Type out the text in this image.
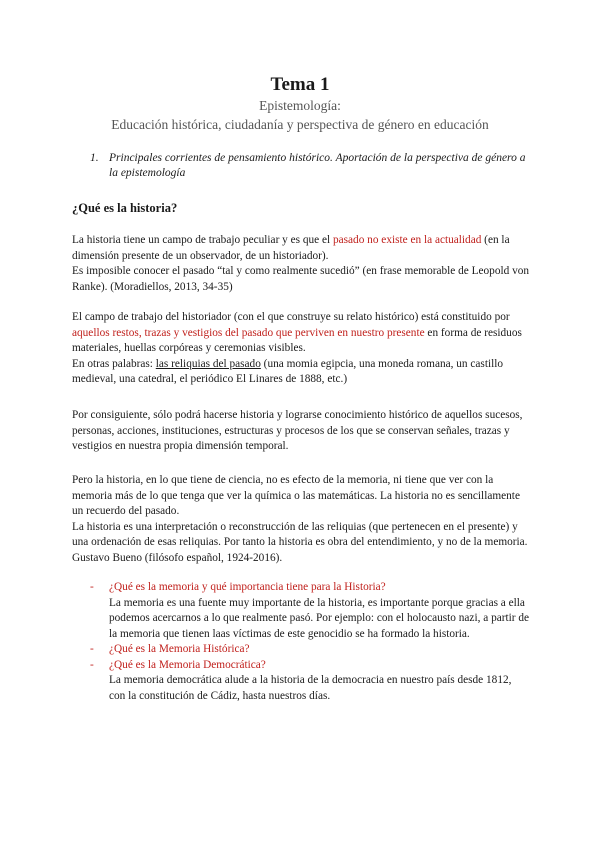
Tema 1
Epistemología:
Educación histórica, ciudadanía y perspectiva de género en educación
1. Principales corrientes de pensamiento histórico. Aportación de la perspectiva de género a la epistemología
¿Qué es la historia?
La historia tiene un campo de trabajo peculiar y es que el pasado no existe en la actualidad (en la dimensión presente de un observador, de un historiador).
Es imposible conocer el pasado “tal y como realmente sucedió” (en frase memorable de Leopold von Ranke). (Moradiellos, 2013, 34-35)
El campo de trabajo del historiador (con el que construye su relato histórico) está constituido por aquellos restos, trazas y vestigios del pasado que perviven en nuestro presente en forma de residuos materiales, huellas corpóreas y ceremonias visibles.
En otras palabras: las reliquias del pasado (una momia egipcia, una moneda romana, un castillo medieval, una catedral, el periódico El Linares de 1888, etc.)
Por consiguiente, sólo podrá hacerse historia y lograrse conocimiento histórico de aquellos sucesos, personas, acciones, instituciones, estructuras y procesos de los que se conservan señales, trazas y vestigios en nuestra propia dimensión temporal.
Pero la historia, en lo que tiene de ciencia, no es efecto de la memoria, ni tiene que ver con la memoria más de lo que tenga que ver la química o las matemáticas. La historia no es sencillamente un recuerdo del pasado.
La historia es una interpretación o reconstrucción de las reliquias (que pertenecen en el presente) y una ordenación de esas reliquias. Por tanto la historia es obra del entendimiento, y no de la memoria. Gustavo Bueno (filósofo español, 1924-2016).
- ¿Qué es la memoria y qué importancia tiene para la Historia?
La memoria es una fuente muy importante de la historia, es importante porque gracias a ella podemos acercarnos a lo que realmente pasó. Por ejemplo: con el holocausto nazi, a partir de la memoria que tienen laas víctimas de este genocidio se ha formado la historia.
- ¿Qué es la Memoria Histórica?
- ¿Qué es la Memoria Democrática?
La memoria democrática alude a la historia de la democracia en nuestro país desde 1812, con la constitución de Cádiz, hasta nuestros días.
